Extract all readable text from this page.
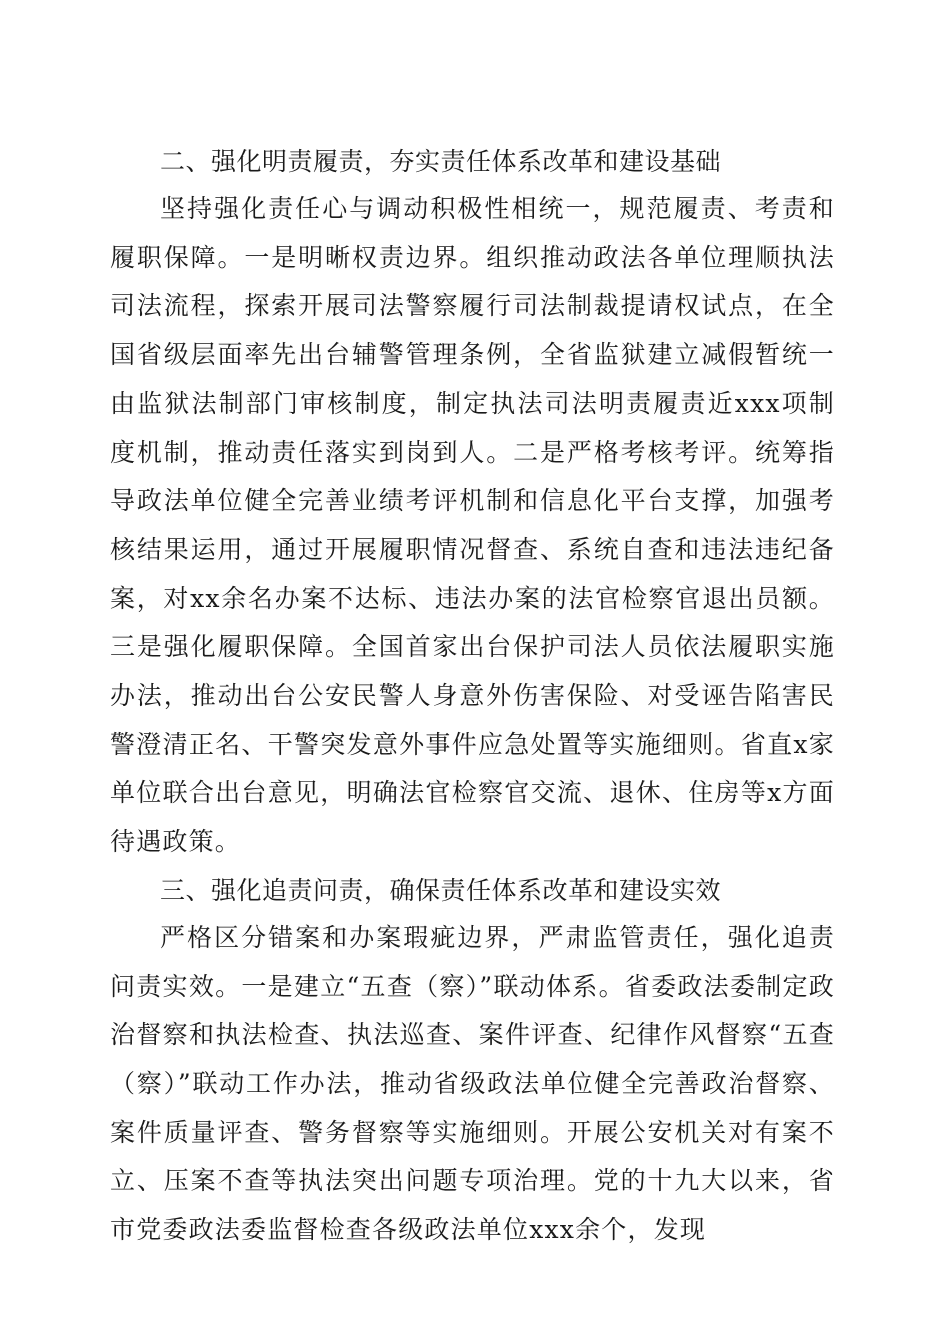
二、强化明责履责，夯实责任体系改革和建设基础

坚持强化责任心与调动积极性相统一，规范履责、考责和履职保障。一是明晰权责边界。组织推动政法各单位理顺执法司法流程，探索开展司法警察履行司法制裁提请权试点，在全国省级层面率先出台辅警管理条例，全省监狱建立减假暂统一由监狱法制部门审核制度，制定执法司法明责履责近xxx项制度机制，推动责任落实到岗到人。二是严格考核考评。统筹指导政法单位健全完善业绩考评机制和信息化平台支撑，加强考核结果运用，通过开展履职情况督查、系统自查和违法违纪备案，对xx余名办案不达标、违法办案的法官检察官退出员额。三是强化履职保障。全国首家出台保护司法人员依法履职实施办法，推动出台公安民警人身意外伤害保险、对受诬告陷害民警澄清正名、干警突发意外事件应急处置等实施细则。省直x家单位联合出台意见，明确法官检察官交流、退休、住房等x方面待遇政策。

三、强化追责问责，确保责任体系改革和建设实效

严格区分错案和办案瑕疵边界，严肃监管责任，强化追责问责实效。一是建立“五查（察）”联动体系。省委政法委制定政治督察和执法检查、执法巡查、案件评查、纪律作风督察“五查（察）”联动工作办法，推动省级政法单位健全完善政治督察、案件质量评查、警务督察等实施细则。开展公安机关对有案不立、压案不查等执法突出问题专项治理。党的十九大以来，省市党委政法委监督检查各级政法单位xxx余个，发现
